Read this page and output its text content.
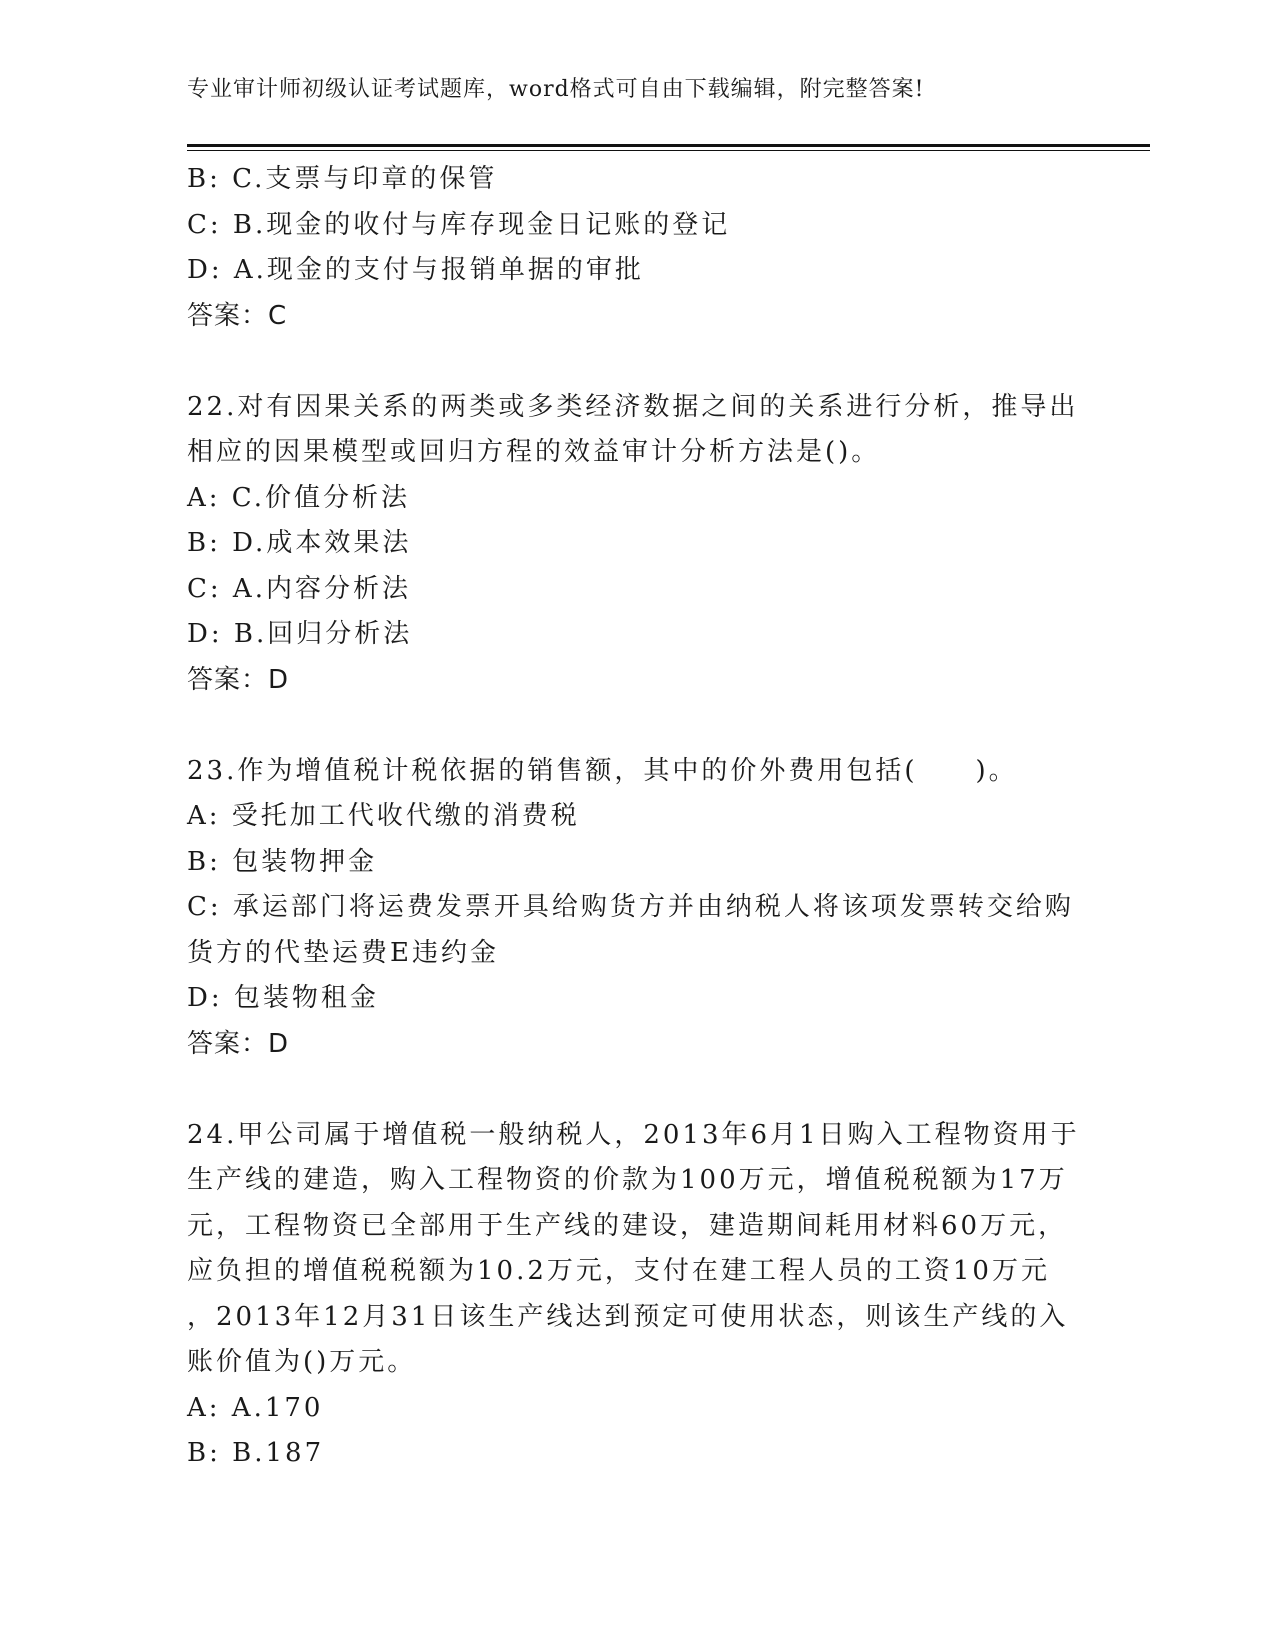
专业审计师初级认证考试题库，word格式可自由下载编辑，附完整答案!
B: C.支票与印章的保管
C: B.现金的收付与库存现金日记账的登记
D: A.现金的支付与报销单据的审批
答案：C
22.对有因果关系的两类或多类经济数据之间的关系进行分析，推导出
相应的因果模型或回归方程的效益审计分析方法是()。
A: C.价值分析法
B: D.成本效果法
C: A.内容分析法
D: B.回归分析法
答案：D
23.作为增值税计税依据的销售额，其中的价外费用包括(　　)。
A: 受托加工代收代缴的消费税
B: 包装物押金
C: 承运部门将运费发票开具给购货方并由纳税人将该项发票转交给购
货方的代垫运费E违约金
D: 包装物租金
答案：D
24.甲公司属于增值税一般纳税人，2013年6月1日购入工程物资用于
生产线的建造，购入工程物资的价款为100万元，增值税税额为17万
元，工程物资已全部用于生产线的建设，建造期间耗用材料60万元，
应负担的增值税税额为10.2万元，支付在建工程人员的工资10万元
，2013年12月31日该生产线达到预定可使用状态，则该生产线的入
账价值为()万元。
A: A.170
B: B.187
